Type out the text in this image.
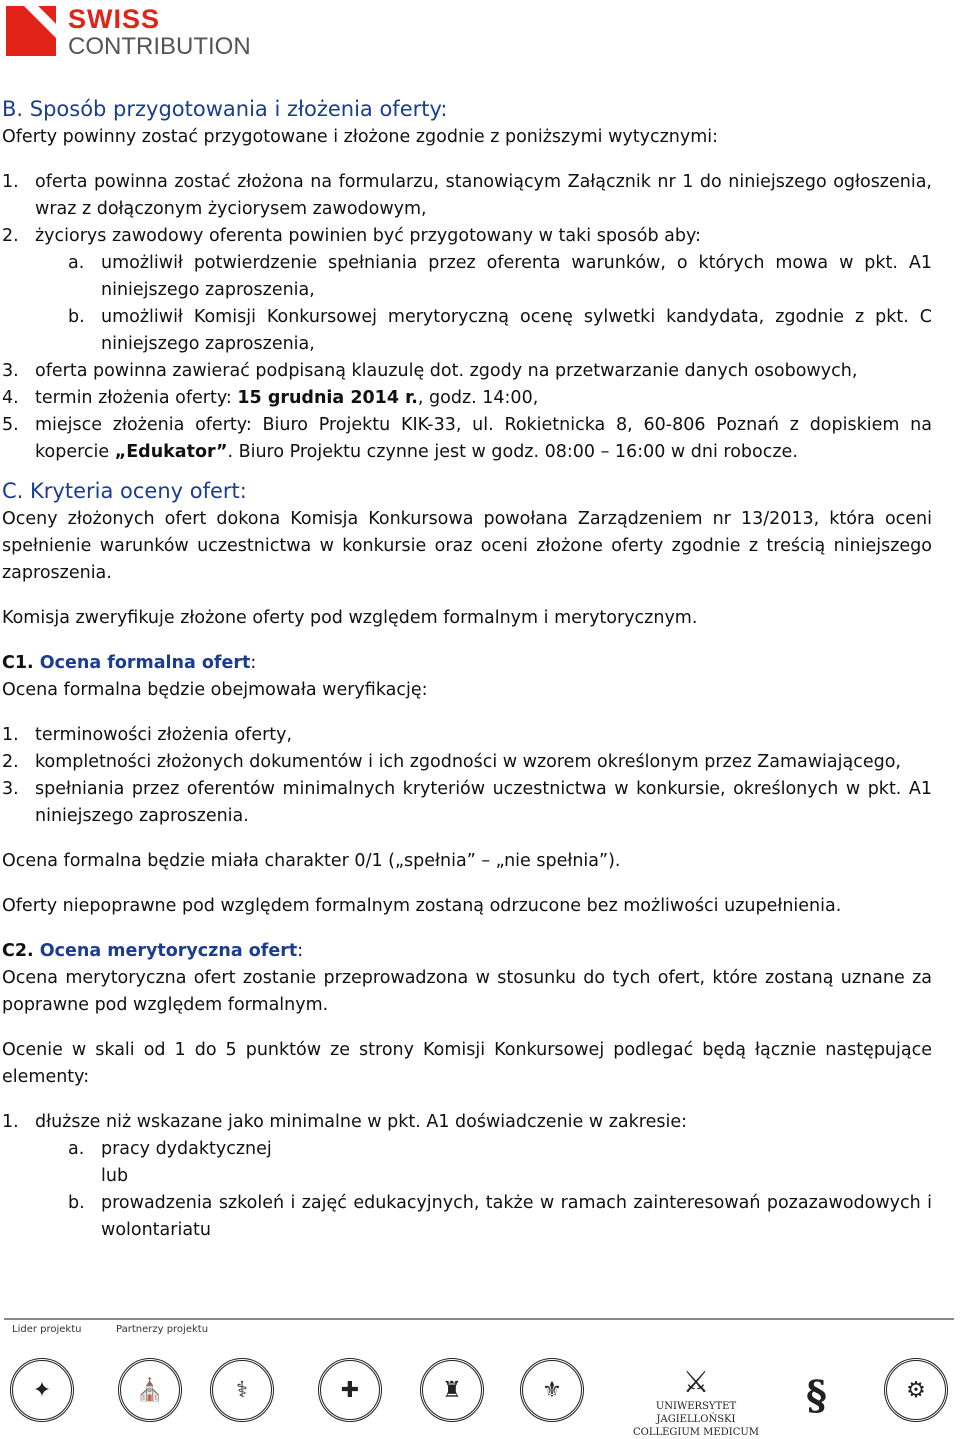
SWISS
CONTRIBUTION
B. Sposób przygotowania i złożenia oferty:

Oferty powinny zostać przygotowane i złożone zgodnie z poniższymi wytycznymi:

1. oferta powinna zostać złożona na formularzu, stanowiącym Załącznik nr 1 do niniejszego ogłoszenia, wraz z dołączonym życiorysem zawodowym,
2. życiorys zawodowy oferenta powinien być przygotowany w taki sposób aby:
a. umożliwił potwierdzenie spełniania przez oferenta warunków, o których mowa w pkt. A1 niniejszego zaproszenia,
b. umożliwił Komisji Konkursowej merytoryczną ocenę sylwetki kandydata, zgodnie z pkt. C niniejszego zaproszenia,
3. oferta powinna zawierać podpisaną klauzulę dot. zgody na przetwarzanie danych osobowych,
4. termin złożenia oferty: 15 grudnia 2014 r., godz. 14:00,
5. miejsce złożenia oferty: Biuro Projektu KIK-33, ul. Rokietnicka 8, 60-806 Poznań z dopiskiem na kopercie „Edukator”. Biuro Projektu czynne jest w godz. 08:00 – 16:00 w dni robocze.
C. Kryteria oceny ofert:

Oceny złożonych ofert dokona Komisja Konkursowa powołana Zarządzeniem nr 13/2013, która oceni spełnienie warunków uczestnictwa w konkursie oraz oceni złożone oferty zgodnie z treścią niniejszego zaproszenia.

Komisja zweryfikuje złożone oferty pod względem formalnym i merytorycznym.

C1. Ocena formalna ofert:

Ocena formalna będzie obejmowała weryfikację:

1. terminowości złożenia oferty,
2. kompletności złożonych dokumentów i ich zgodności w wzorem określonym przez Zamawiającego,
3. spełniania przez oferentów minimalnych kryteriów uczestnictwa w konkursie, określonych w pkt. A1 niniejszego zaproszenia.

Ocena formalna będzie miała charakter 0/1 („spełnia” – „nie spełnia”).

Oferty niepoprawne pod względem formalnym zostaną odrzucone bez możliwości uzupełnienia.

C2. Ocena merytoryczna ofert:

Ocena merytoryczna ofert zostanie przeprowadzona w stosunku do tych ofert, które zostaną uznane za poprawne pod względem formalnym.

Ocenie w skali od 1 do 5 punktów ze strony Komisji Konkursowej podlegać będą łącznie następujące elementy:

1. dłuższe niż wskazane jako minimalne w pkt. A1 doświadczenie w zakresie:
a. pracy dydaktycznej

lub

b. prowadzenia szkoleń i zajęć edukacyjnych, także w ramach zainteresowań pozazawodowych i wolontariatu
Lider projektu	Partnerzy projektu
✦	⛪	⚕	✚	♜	⚜	⚔
UNIWERSYTET JAGIELLOŃSKI
COLLEGIUM MEDICUM
§	⚙
